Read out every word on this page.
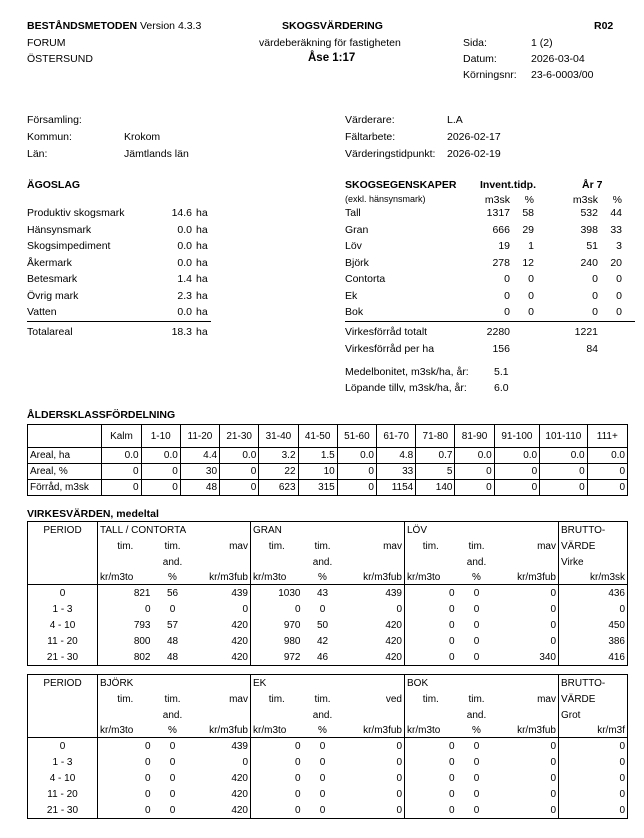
BESTÅNDSMETODEN Version 4.3.3
FORUM
ÖSTERSUND
SKOGSVÄRDERING
värdeberäkning för fastigheten
Åse 1:17
R02
Sida:	1 (2)
Datum:	2026-03-04
Körningsnr: 23-6-0003/00
Församling:
Kommun:	Krokom
Län:	Jämtlands län
Värderare:	L.A
Fältarbete:	2026-02-17
Värderingstidpunkt: 2026-02-19
ÄGOSLAG
Produktiv skogsmark	14.6 ha
Hänsynsmark	0.0 ha
Skogsimpediment	0.0 ha
Åkermark	0.0 ha
Betesmark	1.4 ha
Övrig mark	2.3 ha
Vatten	0.0 ha
Totalareal	18.3 ha
SKOGSEGENSKAPER
(exkl. hänsynsmark)
Invent.tidp.	År 7
m3sk	%	m3sk	%
Tall	1317	58	532	44
Gran	666	29	398	33
Löv	19	1	51	3
Björk	278	12	240	20
Contorta	0	0	0	0
Ek	0	0	0	0
Bok	0	0	0	0
Virkesförråd totalt	2280	1221
Virkesförråd per ha	156	84
Medelbonitet, m3sk/ha, år: 5.1
Löpande tillv, m3sk/ha, år:	6.0
ÅLDERSKLASSFÖRDELNING
	Kalm	1-10	11-20	21-30	31-40	41-50	51-60	61-70	71-80	81-90	91-100	101-110	111+
Areal, ha	0.0	0.0	4.4	0.0	3.2	1.5	0.0	4.8	0.7	0.0	0.0	0.0	0.0
Areal, %	0	0	30	0	22	10	0	33	5	0	0	0	0
Förråd, m3sk	0	0	48	0	623	315	0	1154	140	0	0	0	0
VIRKESVÄRDEN, medeltal
PERIOD	TALL / CONTORTA			GRAN			LÖV			BRUTTO-
	tim.	tim.	mav	tim.	tim.	mav	tim.	tim.	mav	VÄRDE
		and.			and.			and.		Virke
	kr/m3to	%	kr/m3fub	kr/m3to	%	kr/m3fub	kr/m3to	%	kr/m3fub	kr/m3sk
0	821	56	439	1030	43	439	0	0	0	436
1 - 3	0	0	0	0	0	0	0	0	0	0
4 - 10	793	57	420	970	50	420	0	0	0	450
11 - 20	800	48	420	980	42	420	0	0	0	386
21 - 30	802	48	420	972	46	420	0	0	340	416
PERIOD	BJÖRK			EK			BOK			BRUTTO-
	tim.	tim.	mav	tim.	tim.	ved	tim.	tim.	mav	VÄRDE
		and.			and.			and.		Grot
	kr/m3to	%	kr/m3fub	kr/m3to	%	kr/m3fub	kr/m3to	%	kr/m3fub	kr/m3f
0	0	0	439	0	0	0	0	0	0	0
1 - 3	0	0	0	0	0	0	0	0	0	0
4 - 10	0	0	420	0	0	0	0	0	0	0
11 - 20	0	0	420	0	0	0	0	0	0	0
21 - 30	0	0	420	0	0	0	0	0	0	0
